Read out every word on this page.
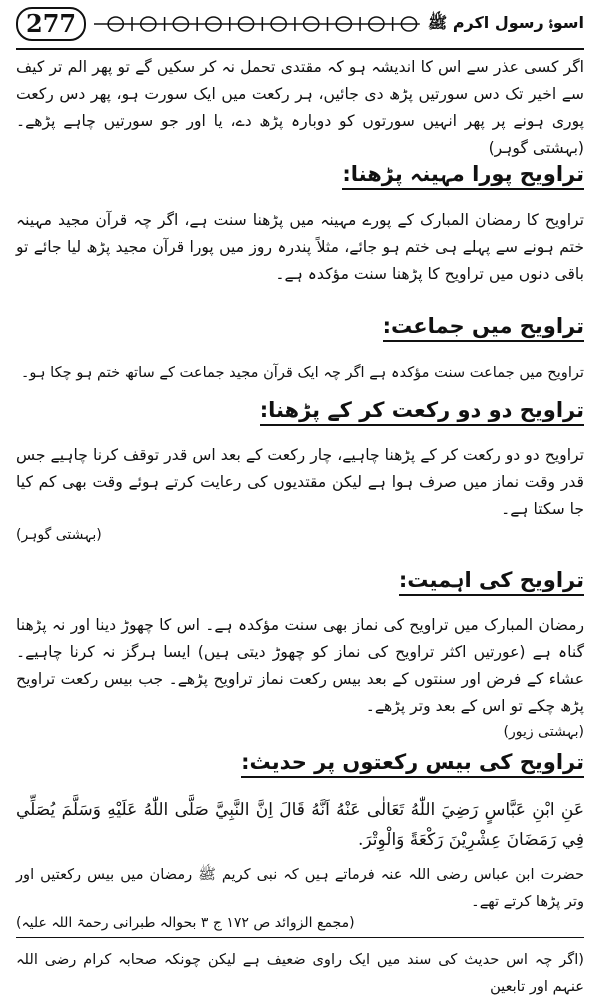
277	اسوۂ رسول اکرم ﷺ

اگر کسی عذر سے اس کا اندیشہ ہو کہ مقتدی تحمل نہ کر سکیں گے تو پھر الم تر کیف سے اخیر تک دس سورتیں پڑھ دی جائیں، ہر رکعت میں ایک سورت ہو، پھر دس رکعت پوری ہونے پر پھر انہیں سورتوں کو دوبارہ پڑھ دے، یا اور جو سورتیں چاہے پڑھے۔ (بہشتی گوہر)

تراویح پورا مہینہ پڑھنا:

تراویح کا رمضان المبارک کے پورے مہینہ میں پڑھنا سنت ہے، اگر چہ قرآن مجید مہینہ ختم ہونے سے پہلے ہی ختم ہو جائے، مثلاً پندرہ روز میں پورا قرآن مجید پڑھ لیا جائے تو باقی دنوں میں تراویح کا پڑھنا سنت مؤکدہ ہے۔

تراویح میں جماعت:

تراویح میں جماعت سنت مؤکدہ ہے اگر چہ ایک قرآن مجید جماعت کے ساتھ ختم ہو چکا ہو۔

تراویح دو دو رکعت کر کے پڑھنا:

تراویح دو دو رکعت کر کے پڑھنا چاہیے، چار رکعت کے بعد اس قدر توقف کرنا چاہیے جس قدر وقت نماز میں صرف ہوا ہے لیکن مقتدیوں کی رعایت کرتے ہوئے وقت بھی کم کیا جا سکتا ہے۔

(بہشتی گوہر)
تراویح کی اہمیت:

رمضان المبارک میں تراویح کی نماز بھی سنت مؤکدہ ہے۔ اس کا چھوڑ دینا اور نہ پڑھنا گناہ ہے (عورتیں اکثر تراویح کی نماز کو چھوڑ دیتی ہیں) ایسا ہرگز نہ کرنا چاہیے۔ عشاء کے فرض اور سنتوں کے بعد بیس رکعت نماز تراویح پڑھے۔ جب بیس رکعت تراویح پڑھ چکے تو اس کے بعد وتر پڑھے۔

(بہشتی زیور)
تراویح کی بیس رکعتوں پر حدیث:

عَنِ ابْنِ عَبَّاسٍ رَضِيَ اللّٰهُ تَعَالٰى عَنْهُ اَنَّهُ قَالَ اِنَّ النَّبِيَّ صَلَّى اللّٰهُ عَلَيْهِ وَسَلَّمَ يُصَلِّي فِي رَمَضَانَ عِشْرِيْنَ رَكْعَةً وَالْوِتْرَ.

حضرت ابن عباس رضی اللہ عنہ فرماتے ہیں کہ نبی کریم ﷺ رمضان میں بیس رکعتیں اور وتر پڑھا کرتے تھے۔

(مجمع الزوائد ص ۱۷۲ ج ۳ بحوالہ طبرانی رحمۃ اللہ علیہ)

(اگر چہ اس حدیث کی سند میں ایک راوی ضعیف ہے لیکن چونکہ صحابہ کرام رضی اللہ عنہم اور تابعین
